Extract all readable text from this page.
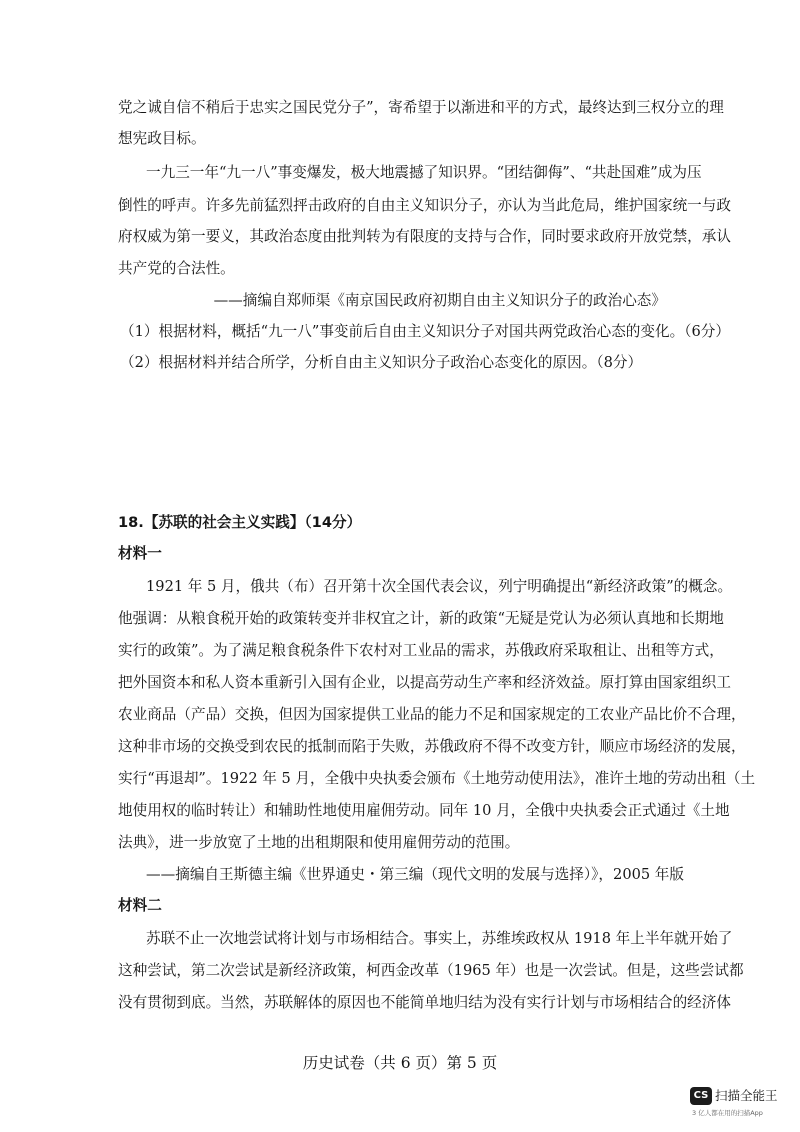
党之诚自信不稍后于忠实之国民党分子”，寄希望于以渐进和平的方式，最终达到三权分立的理
想宪政目标。
一九三一年“九一八”事变爆发，极大地震撼了知识界。“团结御侮”、“共赴国难”成为压
倒性的呼声。许多先前猛烈抨击政府的自由主义知识分子，亦认为当此危局，维护国家统一与政
府权威为第一要义，其政治态度由批判转为有限度的支持与合作，同时要求政府开放党禁，承认
共产党的合法性。
——摘编自郑师渠《南京国民政府初期自由主义知识分子的政治心态》
（1）根据材料，概括“九一八”事变前后自由主义知识分子对国共两党政治心态的变化。（6分）
（2）根据材料并结合所学，分析自由主义知识分子政治心态变化的原因。（8分）
18.【苏联的社会主义实践】（14分）
材料一
1921 年 5 月，俄共（布）召开第十次全国代表会议，列宁明确提出“新经济政策”的概念。
他强调：从粮食税开始的政策转变并非权宜之计，新的政策“无疑是党认为必须认真地和长期地
实行的政策”。为了满足粮食税条件下农村对工业品的需求，苏俄政府采取租让、出租等方式，
把外国资本和私人资本重新引入国有企业，以提高劳动生产率和经济效益。原打算由国家组织工
农业商品（产品）交换，但因为国家提供工业品的能力不足和国家规定的工农业产品比价不合理，
这种非市场的交换受到农民的抵制而陷于失败，苏俄政府不得不改变方针，顺应市场经济的发展，
实行“再退却”。1922 年 5 月，全俄中央执委会颁布《土地劳动使用法》，准许土地的劳动出租（土
地使用权的临时转让）和辅助性地使用雇佣劳动。同年 10 月，全俄中央执委会正式通过《土地
法典》，进一步放宽了土地的出租期限和使用雇佣劳动的范围。
——摘编自王斯德主编《世界通史・第三编（现代文明的发展与选择）》，2005 年版
材料二
苏联不止一次地尝试将计划与市场相结合。事实上，苏维埃政权从 1918 年上半年就开始了
这种尝试，第二次尝试是新经济政策，柯西金改革（1965 年）也是一次尝试。但是，这些尝试都
没有贯彻到底。当然，苏联解体的原因也不能简单地归结为没有实行计划与市场相结合的经济体
历史试卷（共 6 页）第 5 页
CS 扫描全能王
3 亿人都在用的扫描App
